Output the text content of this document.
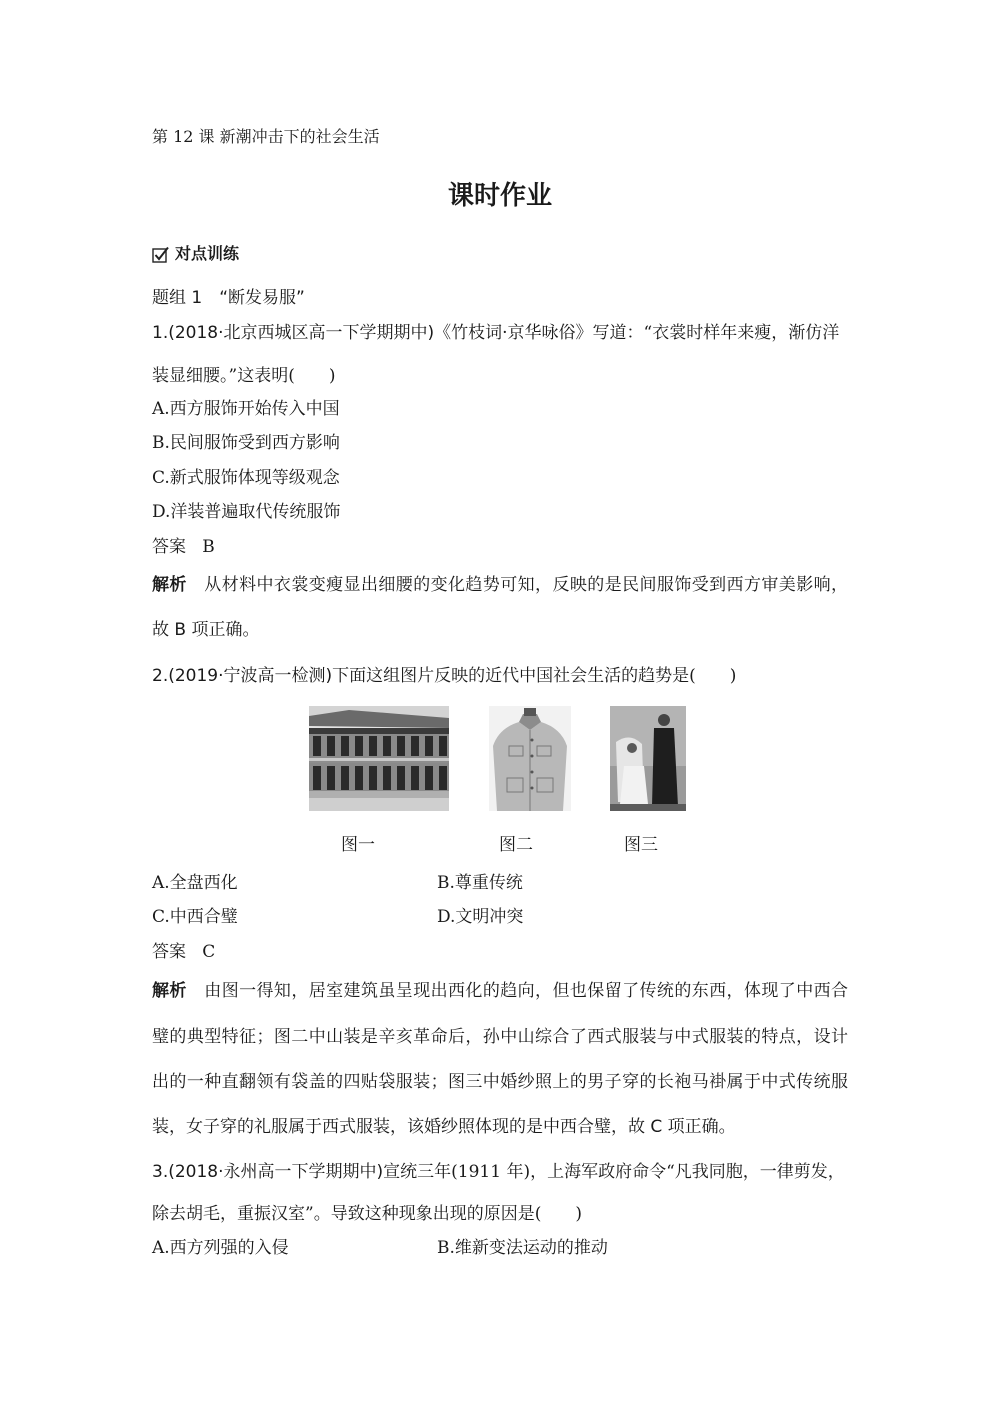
第 12 课 新潮冲击下的社会生活
课时作业
对点训练
题组 1　“断发易服”
1.(2018·北京西城区高一下学期期中)《竹枝词·京华咏俗》写道：“衣裳时样年来瘦，渐仿洋
装显细腰。”这表明(　　)
A.西方服饰开始传入中国
B.民间服饰受到西方影响
C.新式服饰体现等级观念
D.洋装普遍取代传统服饰
答案 B
解析 从材料中衣裳变瘦显出细腰的变化趋势可知，反映的是民间服饰受到西方审美影响，
故 B 项正确。
2.(2019·宁波高一检测)下面这组图片反映的近代中国社会生活的趋势是(　　)
图一	图二	图三
A.全盘西化	B.尊重传统
C.中西合璧	D.文明冲突
答案 C
解析 由图一得知，居室建筑虽呈现出西化的趋向，但也保留了传统的东西，体现了中西合
璧的典型特征；图二中山装是辛亥革命后，孙中山综合了西式服装与中式服装的特点，设计
出的一种直翻领有袋盖的四贴袋服装；图三中婚纱照上的男子穿的长袍马褂属于中式传统服
装，女子穿的礼服属于西式服装，该婚纱照体现的是中西合璧，故 C 项正确。
3.(2018·永州高一下学期期中)宣统三年(1911 年)，上海军政府命令“凡我同胞，一律剪发，
除去胡毛，重振汉室”。导致这种现象出现的原因是(　　)
A.西方列强的入侵	B.维新变法运动的推动
